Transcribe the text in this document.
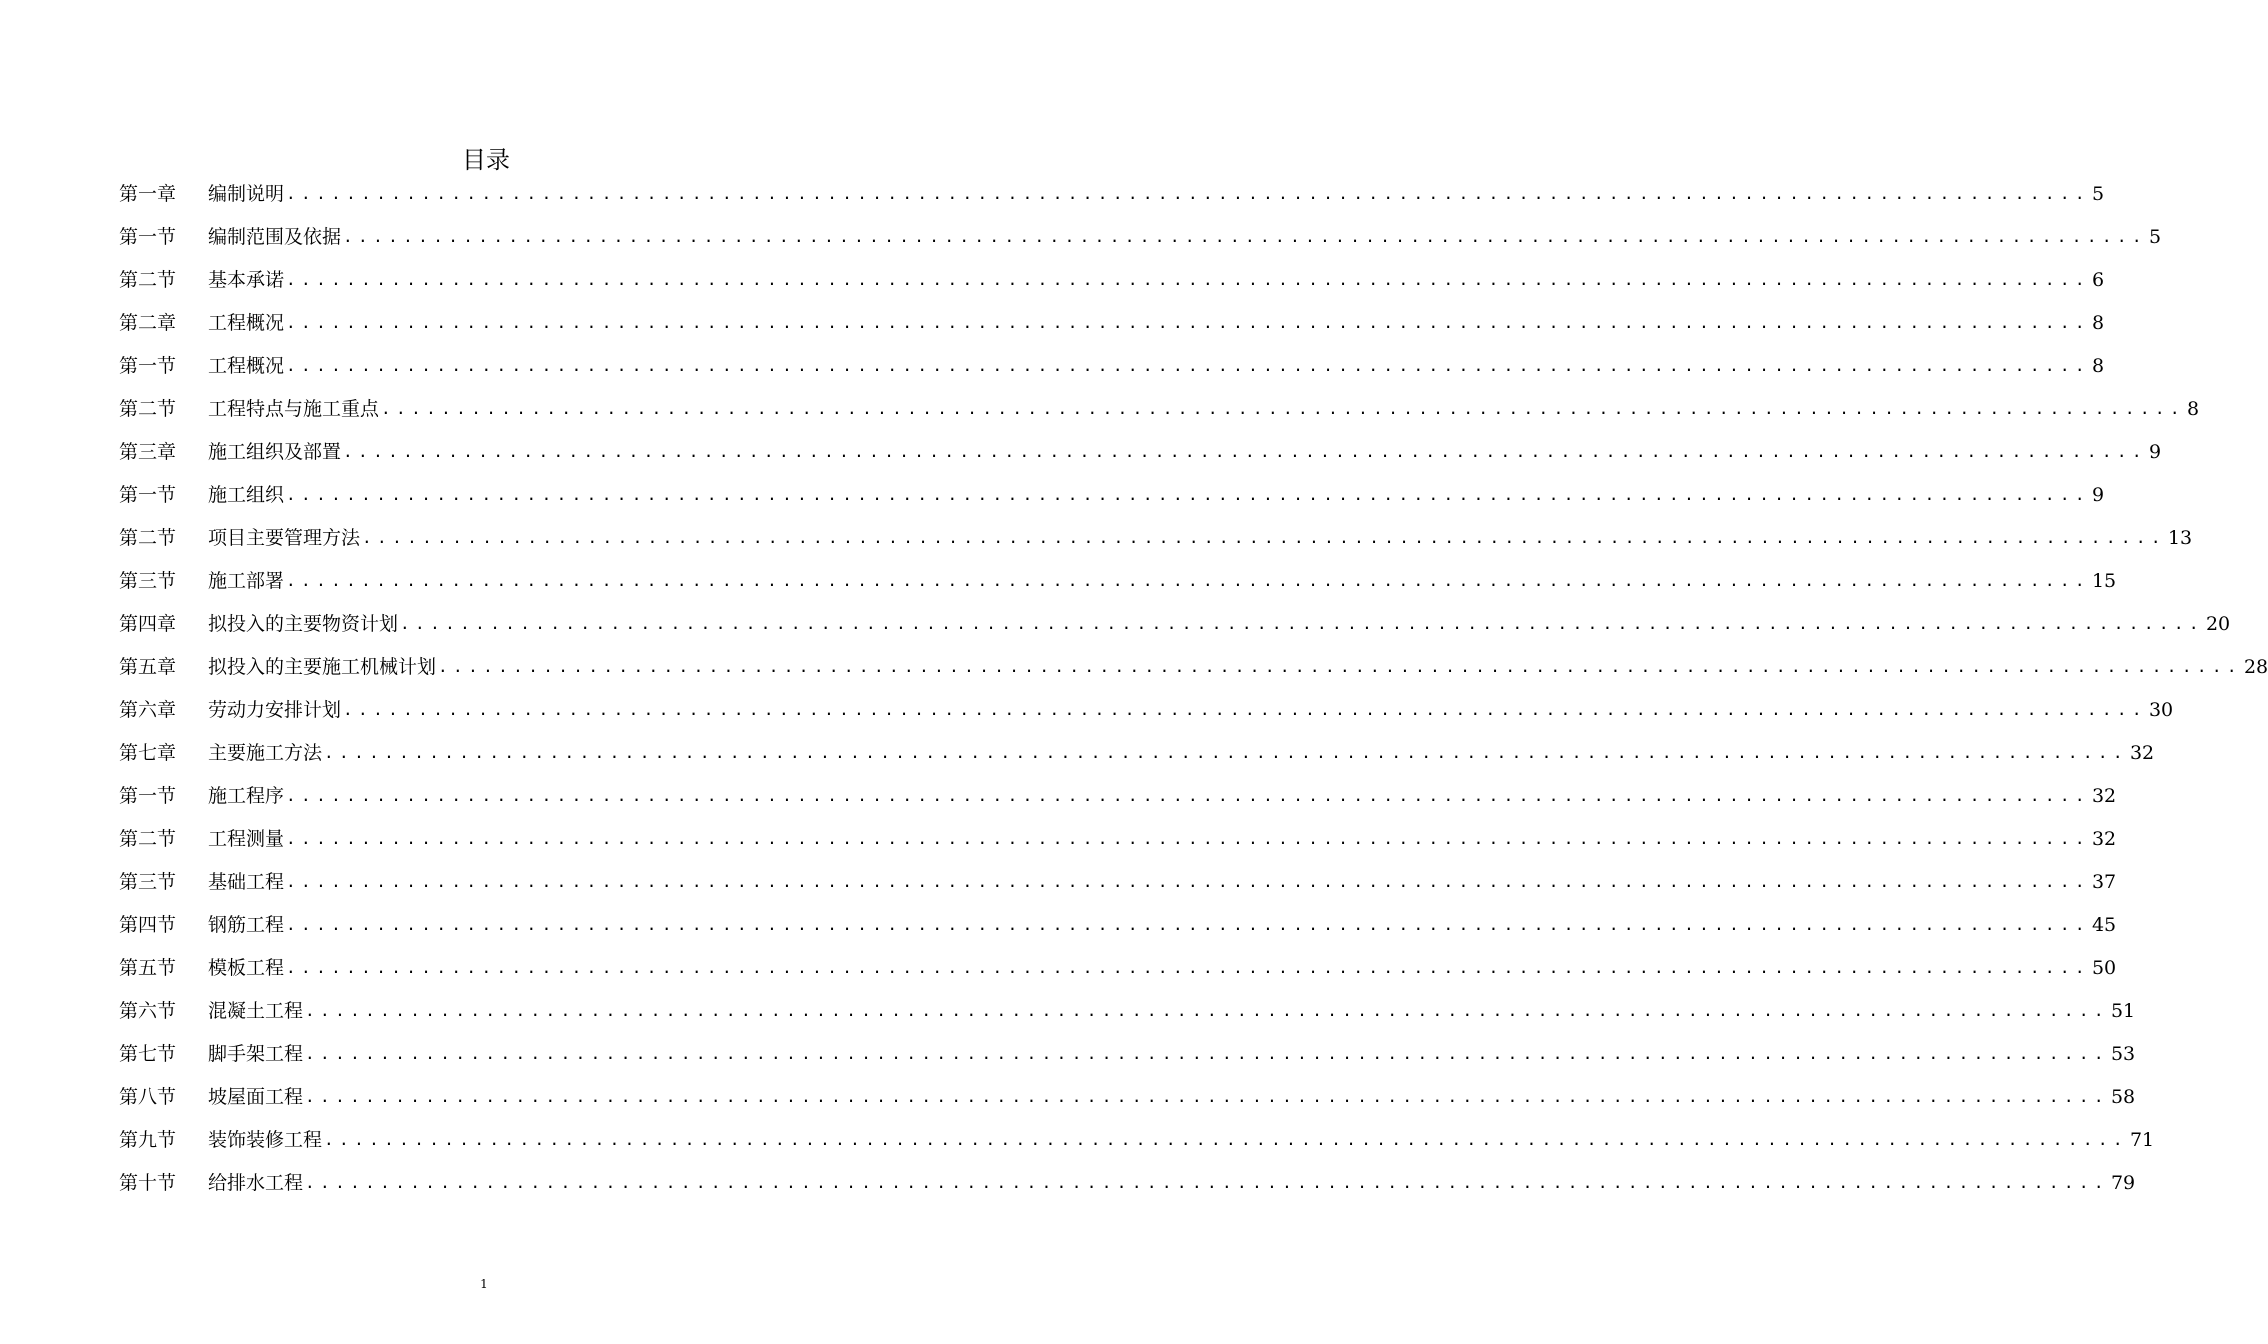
目录
第一章	编制说明 ........................................................................................................................ 5
第一节	编制范围及依据 ........................................................................................................................ 5
第二节	基本承诺 ........................................................................................................................ 6
第二章	工程概况 ........................................................................................................................ 8
第一节	工程概况 ........................................................................................................................ 8
第二节	工程特点与施工重点 ........................................................................................................................ 8
第三章	施工组织及部置 ........................................................................................................................ 9
第一节	施工组织 ........................................................................................................................ 9
第二节	项目主要管理方法 ........................................................................................................................ 13
第三节	施工部署 ........................................................................................................................ 15
第四章	拟投入的主要物资计划 ........................................................................................................................ 20
第五章	拟投入的主要施工机械计划 ........................................................................................................................ 28
第六章	劳动力安排计划 ........................................................................................................................ 30
第七章	主要施工方法 ........................................................................................................................ 32
第一节	施工程序 ........................................................................................................................ 32
第二节	工程测量 ........................................................................................................................ 32
第三节	基础工程 ........................................................................................................................ 37
第四节	钢筋工程 ........................................................................................................................ 45
第五节	模板工程 ........................................................................................................................ 50
第六节	混凝土工程 ........................................................................................................................ 51
第七节	脚手架工程 ........................................................................................................................ 53
第八节	坡屋面工程 ........................................................................................................................ 58
第九节	装饰装修工程 ........................................................................................................................ 71
第十节	给排水工程 ........................................................................................................................ 79
1
